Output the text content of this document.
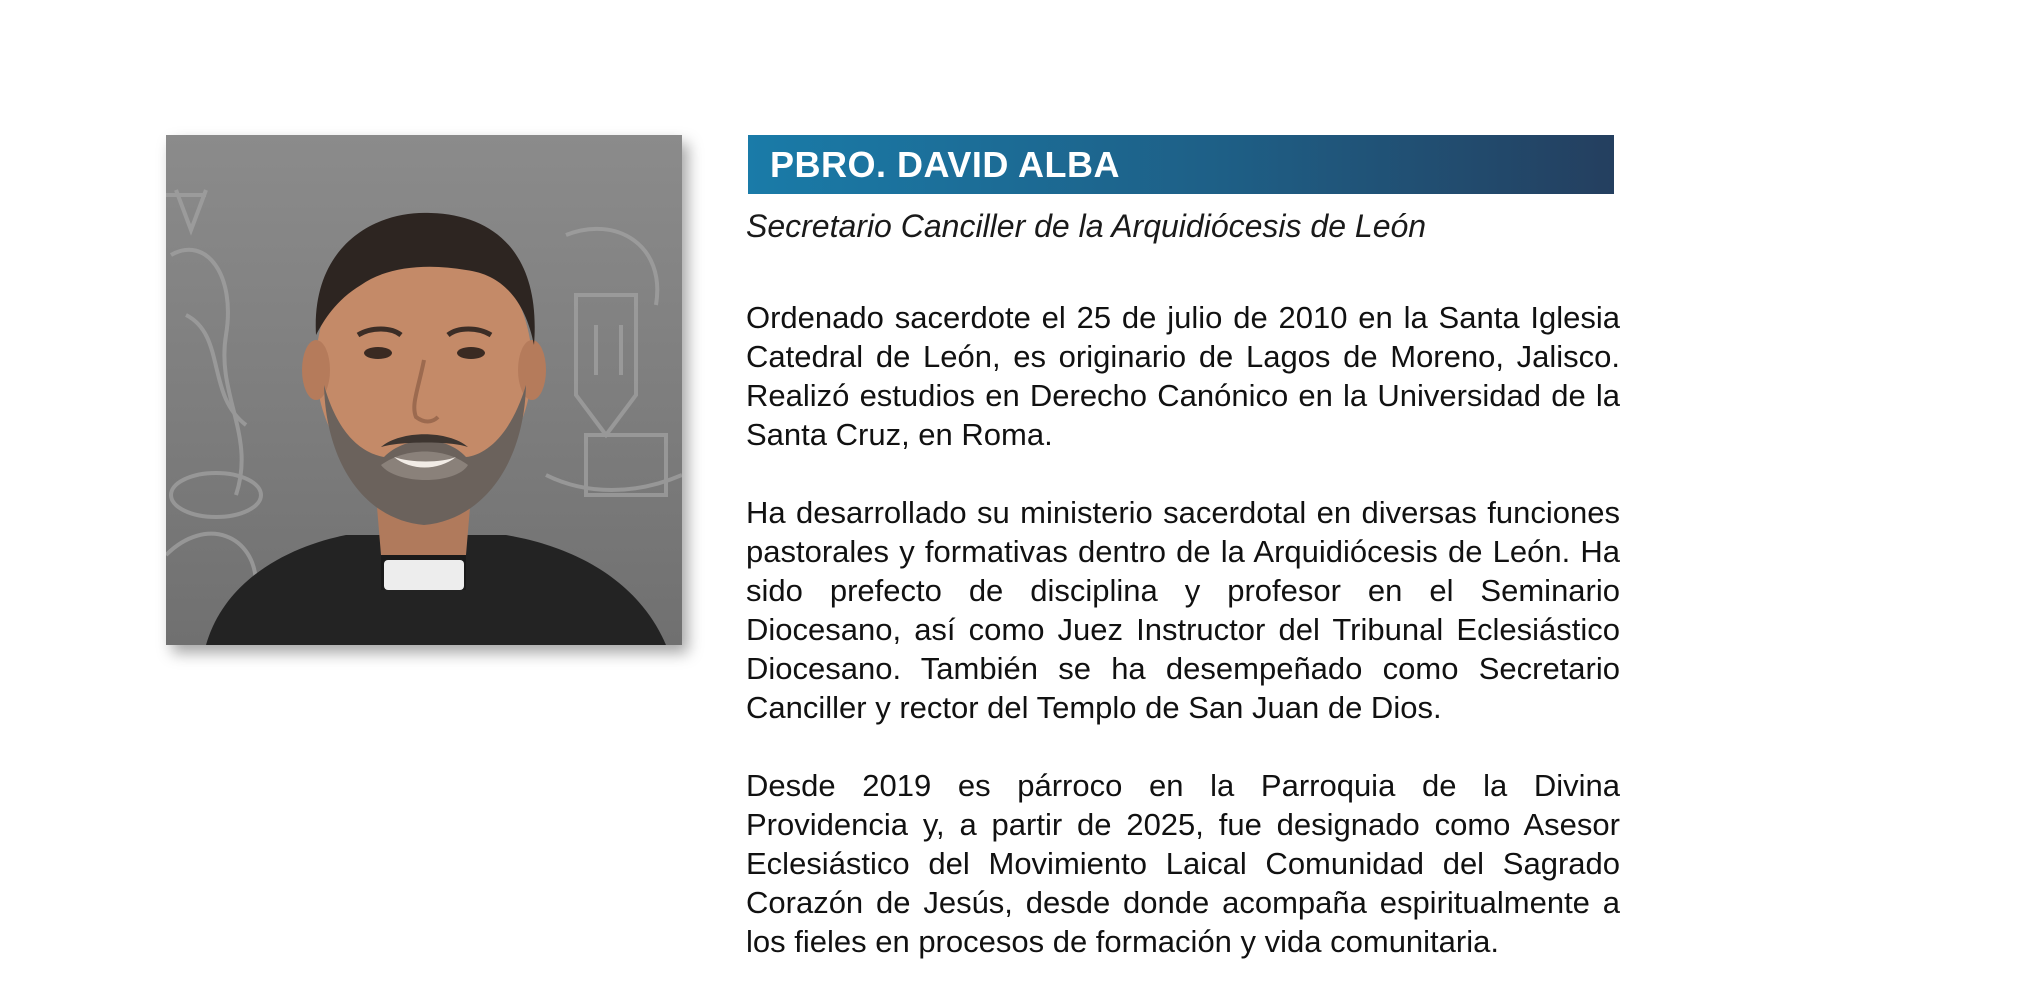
PBRO. DAVID ALBA
Secretario Canciller de la Arquidiócesis de León

Ordenado sacerdote el 25 de julio de 2010 en la Santa Iglesia Catedral de León, es originario de Lagos de Moreno, Jalisco. Realizó estudios en Derecho Canónico en la Universidad de la Santa Cruz, en Roma.

Ha desarrollado su ministerio sacerdotal en diversas funciones pastorales y formativas dentro de la Arquidiócesis de León. Ha sido prefecto de disciplina y profesor en el Seminario Diocesano, así como Juez Instructor del Tribunal Eclesiástico Diocesano. También se ha desempeñado como Secretario Canciller y rector del Templo de San Juan de Dios.

Desde 2019 es párroco en la Parroquia de la Divina Providencia y, a partir de 2025, fue designado como Asesor Eclesiástico del Movimiento Laical Comunidad del Sagrado Corazón de Jesús, desde donde acompaña espiritualmente a los fieles en procesos de formación y vida comunitaria.
